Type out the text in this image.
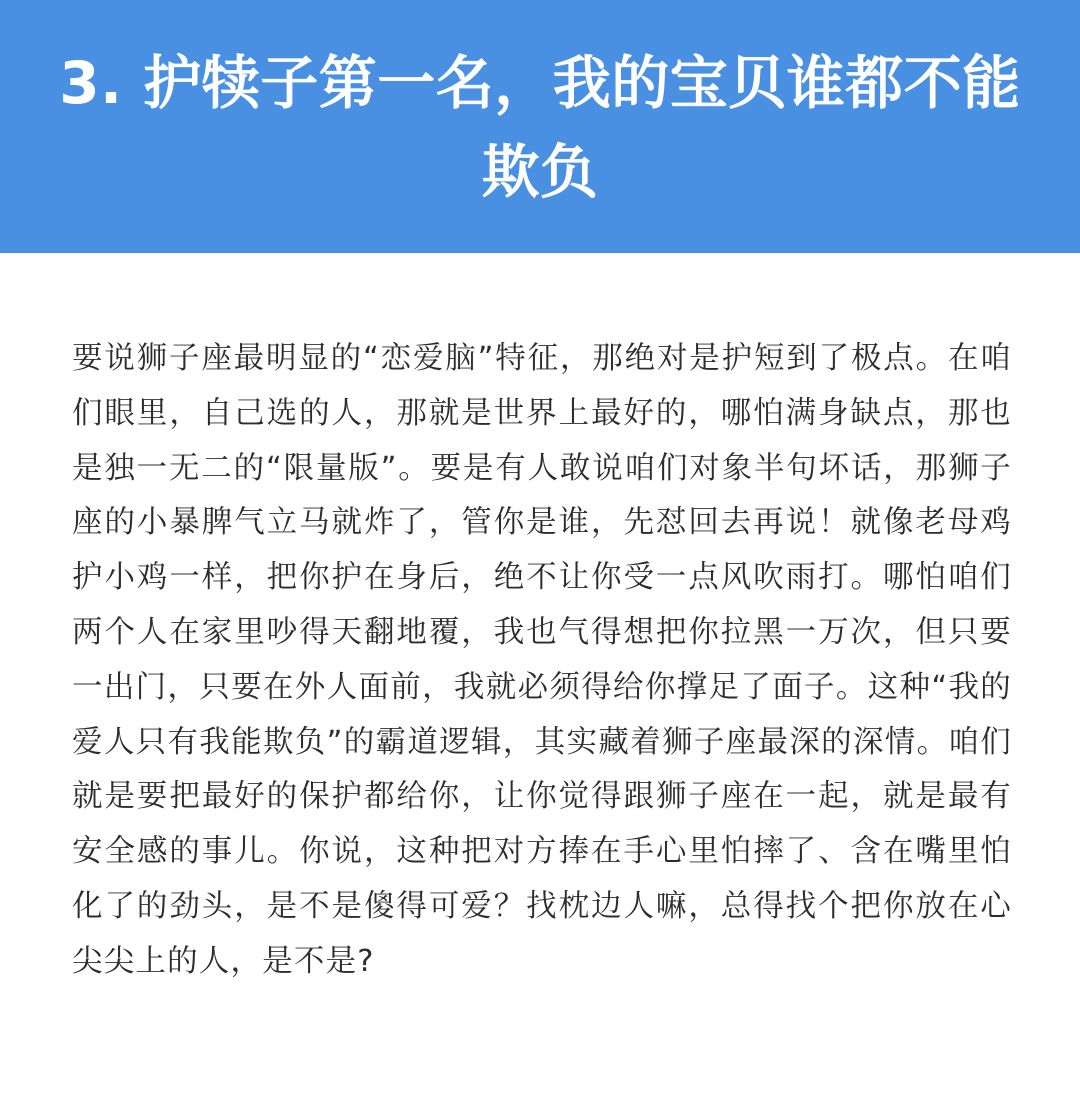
3. 护犊子第一名，我的宝贝谁都不能欺负

要说狮子座最明显的“恋爱脑”特征，那绝对是护短到了极点。在咱们眼里，自己选的人，那就是世界上最好的，哪怕满身缺点，那也是独一无二的“限量版”。要是有人敢说咱们对象半句坏话，那狮子座的小暴脾气立马就炸了，管你是谁，先怼回去再说！就像老母鸡护小鸡一样，把你护在身后，绝不让你受一点风吹雨打。哪怕咱们两个人在家里吵得天翻地覆，我也气得想把你拉黑一万次，但只要一出门，只要在外人面前，我就必须得给你撑足了面子。这种“我的爱人只有我能欺负”的霸道逻辑，其实藏着狮子座最深的深情。咱们就是要把最好的保护都给你，让你觉得跟狮子座在一起，就是最有安全感的事儿。你说，这种把对方捧在手心里怕摔了、含在嘴里怕化了的劲头，是不是傻得可爱？找枕边人嘛，总得找个把你放在心尖尖上的人，是不是?
